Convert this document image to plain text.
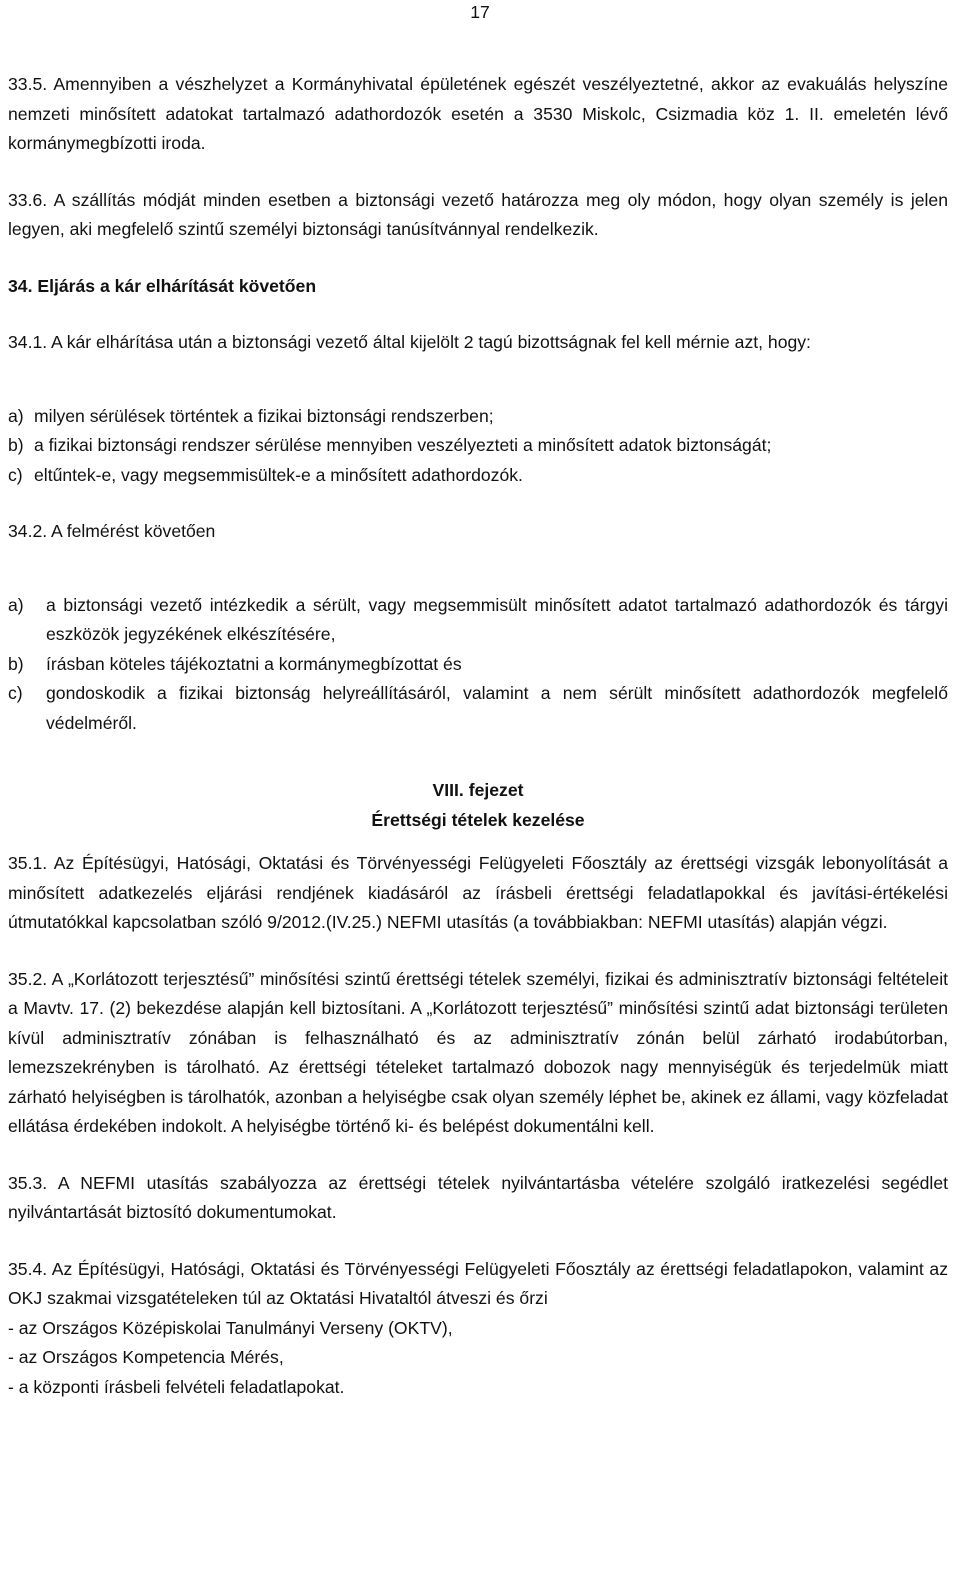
17

33.5. Amennyiben a vészhelyzet a Kormányhivatal épületének egészét veszélyeztetné, akkor az evakuálás helyszíne nemzeti minősített adatokat tartalmazó adathordozók esetén a 3530 Miskolc, Csizmadia köz 1. II. emeletén lévő kormánymegbízotti iroda.

33.6. A szállítás módját minden esetben a biztonsági vezető határozza meg oly módon, hogy olyan személy is jelen legyen, aki megfelelő szintű személyi biztonsági tanúsítvánnyal rendelkezik.

34. Eljárás a kár elhárítását követően

34.1. A kár elhárítása után a biztonsági vezető által kijelölt 2 tagú bizottságnak fel kell mérnie azt, hogy:

a) milyen sérülések történtek a fizikai biztonsági rendszerben;
b) a fizikai biztonsági rendszer sérülése mennyiben veszélyezteti a minősített adatok biztonságát;
c) eltűntek-e, vagy megsemmisültek-e a minősített adathordozók.

34.2. A felmérést követően

a)	a biztonsági vezető intézkedik a sérült, vagy megsemmisült minősített adatot tartalmazó adathordozók és tárgyi eszközök jegyzékének elkészítésére,
b)	írásban köteles tájékoztatni a kormánymegbízottat és
c)	gondoskodik a fizikai biztonság helyreállításáról, valamint a nem sérült minősített adathordozók megfelelő védelméről.

VIII. fejezet

Érettségi tételek kezelése

35.1. Az Építésügyi, Hatósági, Oktatási és Törvényességi Felügyeleti Főosztály az érettségi vizsgák lebonyolítását a minősített adatkezelés eljárási rendjének kiadásáról az írásbeli érettségi feladatlapokkal és javítási-értékelési útmutatókkal kapcsolatban szóló 9/2012.(IV.25.) NEFMI utasítás (a továbbiakban: NEFMI utasítás) alapján végzi.

35.2. A „Korlátozott terjesztésű” minősítési szintű érettségi tételek személyi, fizikai és adminisztratív biztonsági feltételeit a Mavtv. 17. (2) bekezdése alapján kell biztosítani. A „Korlátozott terjesztésű” minősítési szintű adat biztonsági területen kívül adminisztratív zónában is felhasználható és az adminisztratív zónán belül zárható irodabútorban, lemezszekrényben is tárolható. Az érettségi tételeket tartalmazó dobozok nagy mennyiségük és terjedelmük miatt zárható helyiségben is tárolhatók, azonban a helyiségbe csak olyan személy léphet be, akinek ez állami, vagy közfeladat ellátása érdekében indokolt. A helyiségbe történő ki- és belépést dokumentálni kell.

35.3. A NEFMI utasítás szabályozza az érettségi tételek nyilvántartásba vételére szolgáló iratkezelési segédlet nyilvántartását biztosító dokumentumokat.

35.4. Az Építésügyi, Hatósági, Oktatási és Törvényességi Felügyeleti Főosztály az érettségi feladatlapokon, valamint az OKJ szakmai vizsgatételeken túl az Oktatási Hivataltól átveszi és őrzi

- az Országos Középiskolai Tanulmányi Verseny (OKTV),
- az Országos Kompetencia Mérés,
- a központi írásbeli felvételi feladatlapokat.
